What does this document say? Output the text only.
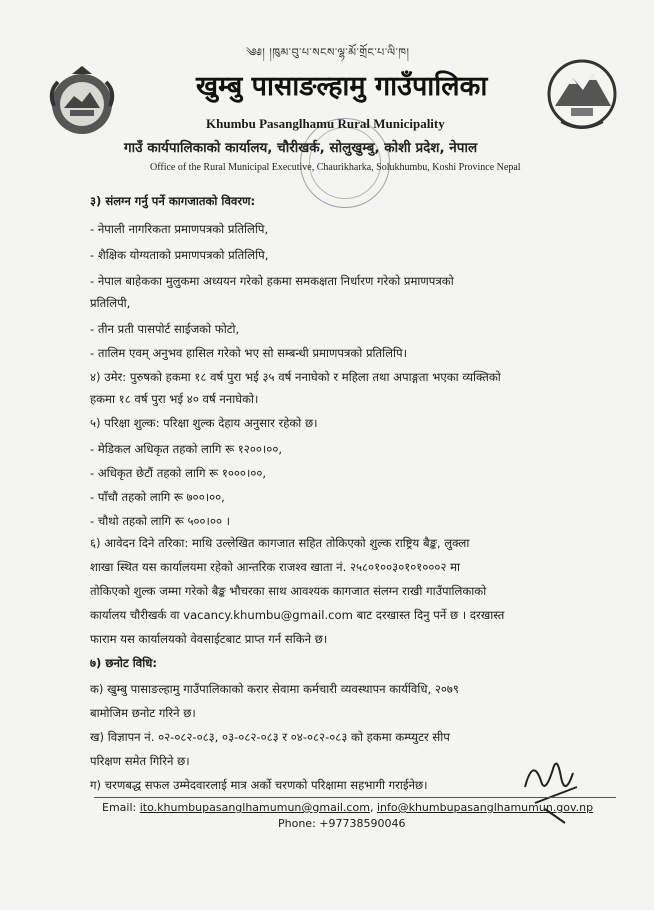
༄༅། །ཁུམ་བུ་པ་སངས་ལྷ་མོ་གྲོང་པ་ལི་ཁ།
खुम्बु पासाङल्हामु गाउँपालिका
Khumbu Pasanglhamu Rural Municipality
गाउँ कार्यपालिकाको कार्यालय, चौरीखर्क, सोलुखुम्बु, कोशी प्रदेश, नेपाल
Office of the Rural Municipal Executive, Chaurikharka, Solukhumbu, Koshi Province Nepal
३) संलग्न गर्नु पर्ने कागजातको विवरण:
- नेपाली नागरिकता प्रमाणपत्रको प्रतिलिपि,
- शैक्षिक योग्यताको प्रमाणपत्रको प्रतिलिपि,
- नेपाल बाहेकका मुलुकमा अध्ययन गरेको हकमा समकक्षता निर्धारण गरेको प्रमाणपत्रको
प्रतिलिपी,
- तीन प्रती पासपोर्ट साईजको फोटो,
- तालिम एवम् अनुभव हासिल गरेको भए सो सम्बन्धी प्रमाणपत्रको प्रतिलिपि।
४) उमेर: पुरुषको हकमा १८ वर्ष पुरा भई ३५ वर्ष ननाघेको र महिला तथा अपाङ्गता भएका व्यक्तिको
हकमा १८ वर्ष पुरा भई ४० वर्ष ननाघेको।
५) परिक्षा शुल्क: परिक्षा शुल्क देहाय अनुसार रहेको छ।
- मेडिकल अधिकृत तहको लागि रू १२००।००,
- अधिकृत छेटौं तहको लागि रू १०००।००,
- पाँचौ तहको लागि रू ७००।००,
- चौथो तहको लागि रू ५००।०० ।
६) आवेदन दिने तरिका: माथि उल्लेखित कागजात सहित तोकिएको शुल्क राष्ट्रिय बैङ्क, लुक्ला
शाखा स्थित यस कार्यालयमा रहेको आन्तरिक राजश्व खाता नं. २५८०१००३०१०१०००२ मा
तोकिएको शुल्क जम्मा गरेको बैङ्क भौचरका साथ आवश्यक कागजात संलग्न राखी गाउँपालिकाको
कार्यालय चौरीखर्क वा vacancy.khumbu@gmail.com बाट दरखास्त दिनु पर्ने छ । दरखास्त
फाराम यस कार्यालयको वेवसाईटबाट प्राप्त गर्न सकिने छ।
७) छनोट विधि:
क) खुम्बु पासाङल्हामु गाउँपालिकाको करार सेवामा कर्मचारी व्यवस्थापन कार्यविधि, २०७९
बामोजिम छनोट गरिने छ।
ख) विज्ञापन नं. ०२-०८२-०८३, ०३-०८२-०८३ र ०४-०८२-०८३ को हकमा कम्प्युटर सीप
परिक्षण समेत गिरिने छ।
ग) चरणबद्ध सफल उम्मेदवारलाई मात्र अर्को चरणको परिक्षामा सहभागी गराईनेछ।
Email: ito.khumbupasanglhamumun@gmail.com, info@khumbupasanglhamumun.gov.np
Phone: +97738590046
